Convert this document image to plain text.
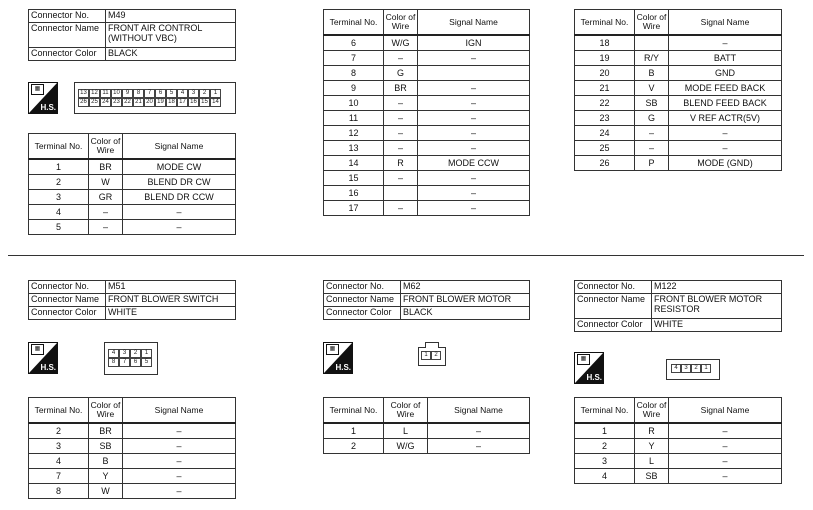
Connector No.	M49
Connector Name	FRONT AIR CONTROL (WITHOUT VBC)
Connector Color	BLACK
▦
H.S.
13 12 11 10 9	8	7	6	5	4	3	2	1
26 25 24 23 22 21 20 19 18 17 16 15 14
Terminal No.	Color of Wire	Signal Name
1	BR	MODE CW
2	W	BLEND DR CW
3	GR	BLEND DR CCW
4	–	–
5	–	–
Terminal No.	Color of Wire	Signal Name
6	W/G	IGN
7	–	–
8	G	
9	BR	–
10	–	–
11	–	–
12	–	–
13	–	–
14	R	MODE CCW
15	–	–
16		–
17	–	–
Terminal No.	Color of Wire	Signal Name
18		–
19	R/Y	BATT
20	B	GND
21	V	MODE FEED BACK
22	SB	BLEND FEED BACK
23	G	V REF ACTR(5V)
24	–	–
25	–	–
26	P	MODE (GND)
Connector No.	M51
Connector Name	FRONT BLOWER SWITCH
Connector Color	WHITE
▦
H.S.
4	3	2	1
8	7	6	5
Terminal No.	Color of Wire	Signal Name
2	BR	–
3	SB	–
4	B	–
7	Y	–
8	W	–
Connector No.	M62
Connector Name	FRONT BLOWER MOTOR
Connector Color	BLACK
▦
H.S.
1	2
Terminal No.	Color of Wire	Signal Name
1	L	–
2	W/G	–
Connector No.	M122
Connector Name	FRONT BLOWER MOTOR RESISTOR
Connector Color	WHITE
▦
H.S.
4	3	2	1
Terminal No.	Color of Wire	Signal Name
1	R	–
2	Y	–
3	L	–
4	SB	–
